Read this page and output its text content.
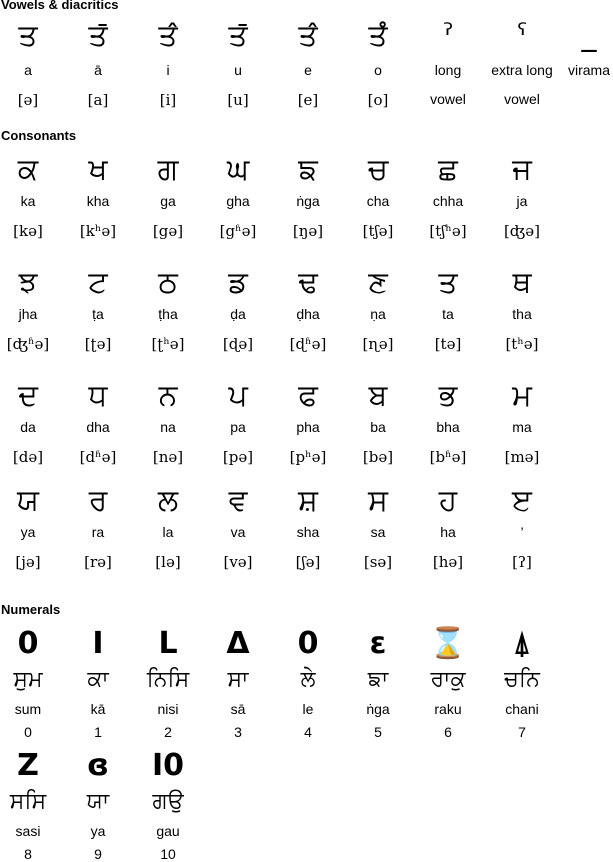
Vowels & diacritics
Consonants
Numerals
ਤ
a
[ə]
ਤ̄
ā
[a]
ਤ̂
i
[i]
ਤ̄
u
[u]
ਤ̂
e
[e]
ਤ̊
o
[o]
ˀ
long
vowel
ˁ
extra long
vowel
_
virama
ਕ
ka
[kə]
ਖ
kha
[kʰə]
ਗ
ga
[gə]
ਘ
gha
[gʱə]
ਙ
ṅga
[ŋə]
ਚ
cha
[tʃə]
ਛ
chha
[tʃʰə]
ਜ
ja
[ʤə]
ਝ
jha
[ʤʱə]
ਟ
ṭa
[ʈə]
ਠ
ṭha
[ʈʰə]
ਡ
ḍa
[ɖə]
ਢ
ḍha
[ɖʱə]
ਣ
ṇa
[ɳə]
ਤ
ta
[tə]
ਥ
tha
[tʰə]
ਦ
da
[də]
ਧ
dha
[dʱə]
ਨ
na
[nə]
ਪ
pa
[pə]
ਫ
pha
[pʰə]
ਬ
ba
[bə]
ਭ
bha
[bʱə]
ਮ
ma
[mə]
ਯ
ya
[jə]
ਰ
ra
[rə]
ਲ
la
[lə]
ਵ
va
[və]
ਸ਼
sha
[ʃə]
ਸ
sa
[sə]
ਹ
ha
[hə]
ੲ
’
[ʔ]
0
ਸੁਮ
sum
0
I
ਕਾ
kā
1
L
ਨਿਸਿ
nisi
2
Δ
ਸਾ
sā
3
0
ਲੇ
le
4
ɛ
ਙਾ
ṅga
5
⌛
ਰਾਕੁ
raku
6
⍋
ਚਨਿ
chani
7
Z
ਸਸਿ
sasi
8
ɞ
ਯਾ
ya
9
I0
ਗਉ
gau
10
